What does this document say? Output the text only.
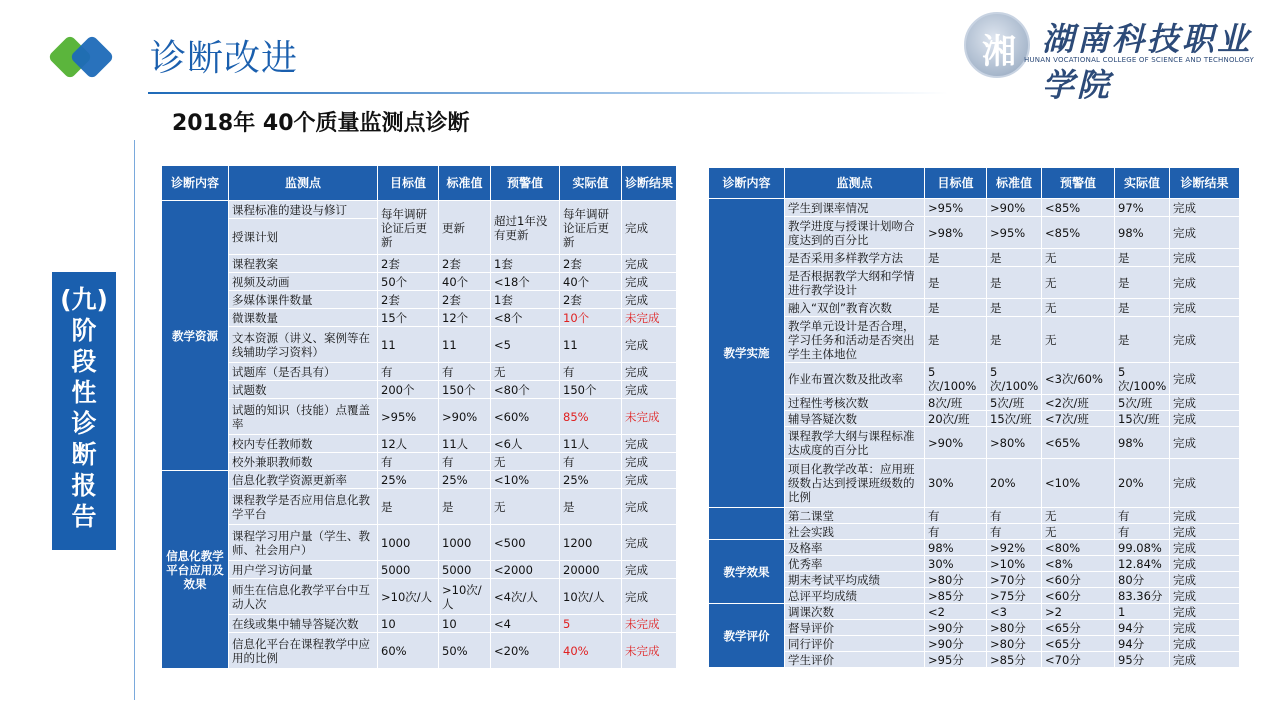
诊断改进	湘 湖南科技职业学院
HUNAN VOCATIONAL COLLEGE OF SCIENCE AND TECHNOLOGY
2018年 40个质量监测点诊断
(九)
阶
段
性
诊
断
报
告
诊断内容	监测点	目标值	标准值	预警值	实际值	诊断结果
教学资源	课程标准的建设与修订	每年调研论证后更新	更新	超过1年没有更新	每年调研论证后更新	完成
	授课计划					
	课程教案	2套	2套	1套	2套	完成
	视频及动画	50个	40个	<18个	40个	完成
	多媒体课件数量	2套	2套	1套	2套	完成
	微课数量	15个	12个	<8个	10个	未完成
	文本资源（讲义、案例等在线辅助学习资料）	11	11	<5	11	完成
	试题库（是否具有）	有	有	无	有	完成
	试题数	200个	150个	<80个	150个	完成
	试题的知识（技能）点覆盖率	>95%	>90%	<60%	85%	未完成
	校内专任教师数	12人	11人	<6人	11人	完成
	校外兼职教师数	有	有	无	有	完成
信息化教学平台应用及效果	信息化教学资源更新率	25%	25%	<10%	25%	完成
	课程教学是否应用信息化教学平台	是	是	无	是	完成
	课程学习用户量（学生、教师、社会用户）	1000	1000	<500	1200	完成
	用户学习访问量	5000	5000	<2000	20000	完成
	师生在信息化教学平台中互动人次	>10次/人	>10次/人	<4次/人	10次/人	完成
	在线或集中辅导答疑次数	10	10	<4	5	未完成
	信息化平台在课程教学中应用的比例	60%	50%	<20%	40%	未完成
诊断内容	监测点	目标值	标准值	预警值	实际值	诊断结果
教学实施	学生到课率情况	>95%	>90%	<85%	97%	完成
	教学进度与授课计划吻合度达到的百分比	>98%	>95%	<85%	98%	完成
	是否采用多样教学方法	是	是	无	是	完成
	是否根据教学大纲和学情进行教学设计	是	是	无	是	完成
	融入“双创”教育次数	是	是	无	是	完成
	教学单元设计是否合理，学习任务和活动是否突出学生主体地位	是	是	无	是	完成
	作业布置次数及批改率	5 次/100%	5 次/100%	<3次/60%	5 次/100%	完成
	过程性考核次数	8次/班	5次/班	<2次/班	5次/班	完成
	辅导答疑次数	20次/班	15次/班	<7次/班	15次/班	完成
	课程教学大纲与课程标准达成度的百分比	>90%	>80%	<65%	98%	完成
	项目化教学改革：应用班级数占达到授课班级数的比例	30%	20%	<10%	20%	完成
	第二课堂	有	有	无	有	完成
	社会实践	有	有	无	有	完成
教学效果	及格率	98%	>92%	<80%	99.08%	完成
	优秀率	30%	>10%	<8%	12.84%	完成
	期末考试平均成绩	>80分	>70分	<60分	80分	完成
	总评平均成绩	>85分	>75分	<60分	83.36分	完成
教学评价	调课次数	<2	<3	>2	1	完成
	督导评价	>90分	>80分	<65分	94分	完成
	同行评价	>90分	>80分	<65分	94分	完成
	学生评价	>95分	>85分	<70分	95分	完成
